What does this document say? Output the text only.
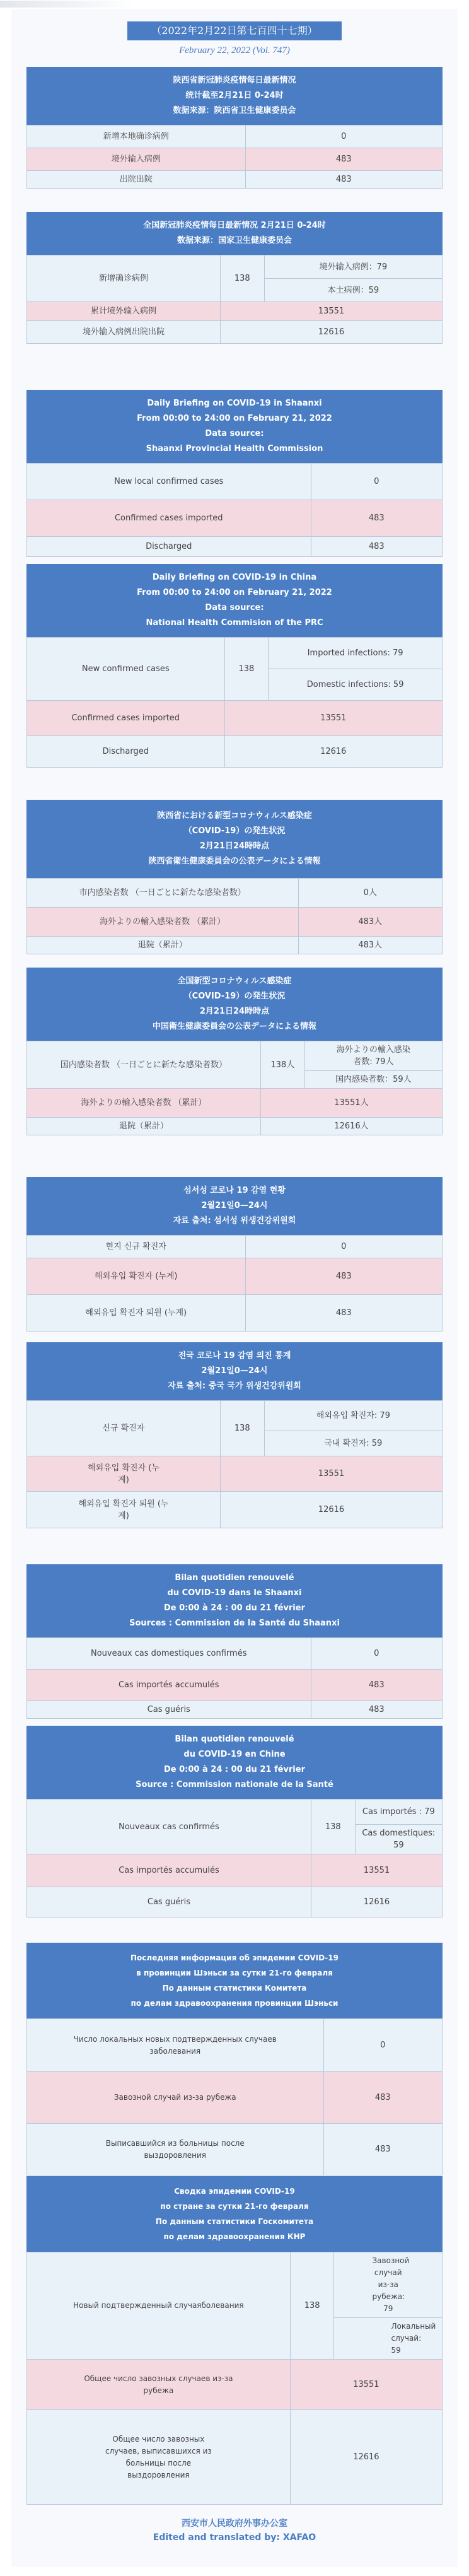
（2022年2月22日第七百四十七期）
February 22, 2022 (Vol. 747)
陕西省新冠肺炎疫情每日最新情况
统计截至2月21日 0-24时
数据来源：陕西省卫生健康委员会
新增本地确诊病例	0
境外输入病例	483
出院出院	483
全国新冠肺炎疫情每日最新情况 2月21日 0-24时
数据来源：国家卫生健康委员会
新增确诊病例	138	境外输入病例：79
		本土病例：59
累计境外输入病例	13551	
境外输入病例出院出院	12616	
Daily Briefing on COVID-19 in Shaanxi
From 00:00 to 24:00 on February 21, 2022
Data source:
Shaanxi Provincial Health Commission
New local confirmed cases	0
Confirmed cases imported	483
Discharged	483
Daily Briefing on COVID-19 in China
From 00:00 to 24:00 on February 21, 2022
Data source:
National Health Commision of the PRC
New confirmed cases	138	Imported infections: 79
		Domestic infections: 59
Confirmed cases imported	13551	
Discharged	12616	
陝西省における新型コロナウィルス感染症
（COVID-19）の発生状況
2月21日24時時点
陝西省衛生健康委員会の公表データによる情報
市内感染者数 （一日ごとに新たな感染者数）	0人
海外よりの輸入感染者数 （累計）	483人
退院（累計）	483人
全国新型コロナウィルス感染症
（COVID-19）の発生状況
2月21日24時時点
中国衛生健康委員会の公表データによる情報
国内感染者数 （一日ごとに新たな感染者数）	138人	海外よりの輸入感染者数: 79人
		国内感染者数：59人
海外よりの輸入感染者数 （累計）	13551人	
退院（累計）	12616人	
섬서성 코로나 19 감염 현황
2월21일0—24시
자료 출처: 섬서성 위생건강위원회
현지 신규 확진자	0
해외유입 확진자 (누계)	483
해외유입 확진자 퇴원 (누계)	483
전국 코로나 19 감염 의진 통계
2월21일0—24시
자료 출처: 중국 국가 위생건강위원회
신규 확진자	138	해외유입 확진자: 79
		국내 확진자: 59
해외유입 확진자 (누계)	13551	
해외유입 확진자 퇴원 (누계)	12616	
Bilan quotidien renouvelé
du COVID-19 dans le Shaanxi
De 0:00 à 24 : 00 du 21 février
Sources : Commission de la Santé du Shaanxi
Nouveaux cas domestiques confirmés	0
Cas importés accumulés	483
Cas guéris	483
Bilan quotidien renouvelé
du COVID-19 en Chine
De 0:00 à 24 : 00 du 21 février
Source : Commission nationale de la Santé
Nouveaux cas confirmés	138	Cas importés : 79
		Cas domestiques: 59
Cas importés accumulés	13551	
Cas guéris	12616	
Последняя информация об эпидемии COVID-19
в провинции Шэньси за сутки 21-го февраля
По данным статистики Комитета
по делам здравоохранения провинции Шэньси
Число локальных новых подтвержденных случаев заболевания	0
Завозной случай из-за рубежа	483
Выписавшийся из больницы после выздоровления	483
Сводка эпидемии COVID-19
по стране за сутки 21-го февраля
По данным статистики Госкомитета
по делам здравоохранения КНР
Новый подтвержденный случаяболевания	138	Завозной случай из-за рубежа: 79
		Локальный случай: 59
Общее число завозных случаев из-за рубежа	13551	
Общее число завозных случаев, выписавшихся из больницы после выздоровления	12616	
西安市人民政府外事办公室
Edited and translated by: XAFAO
